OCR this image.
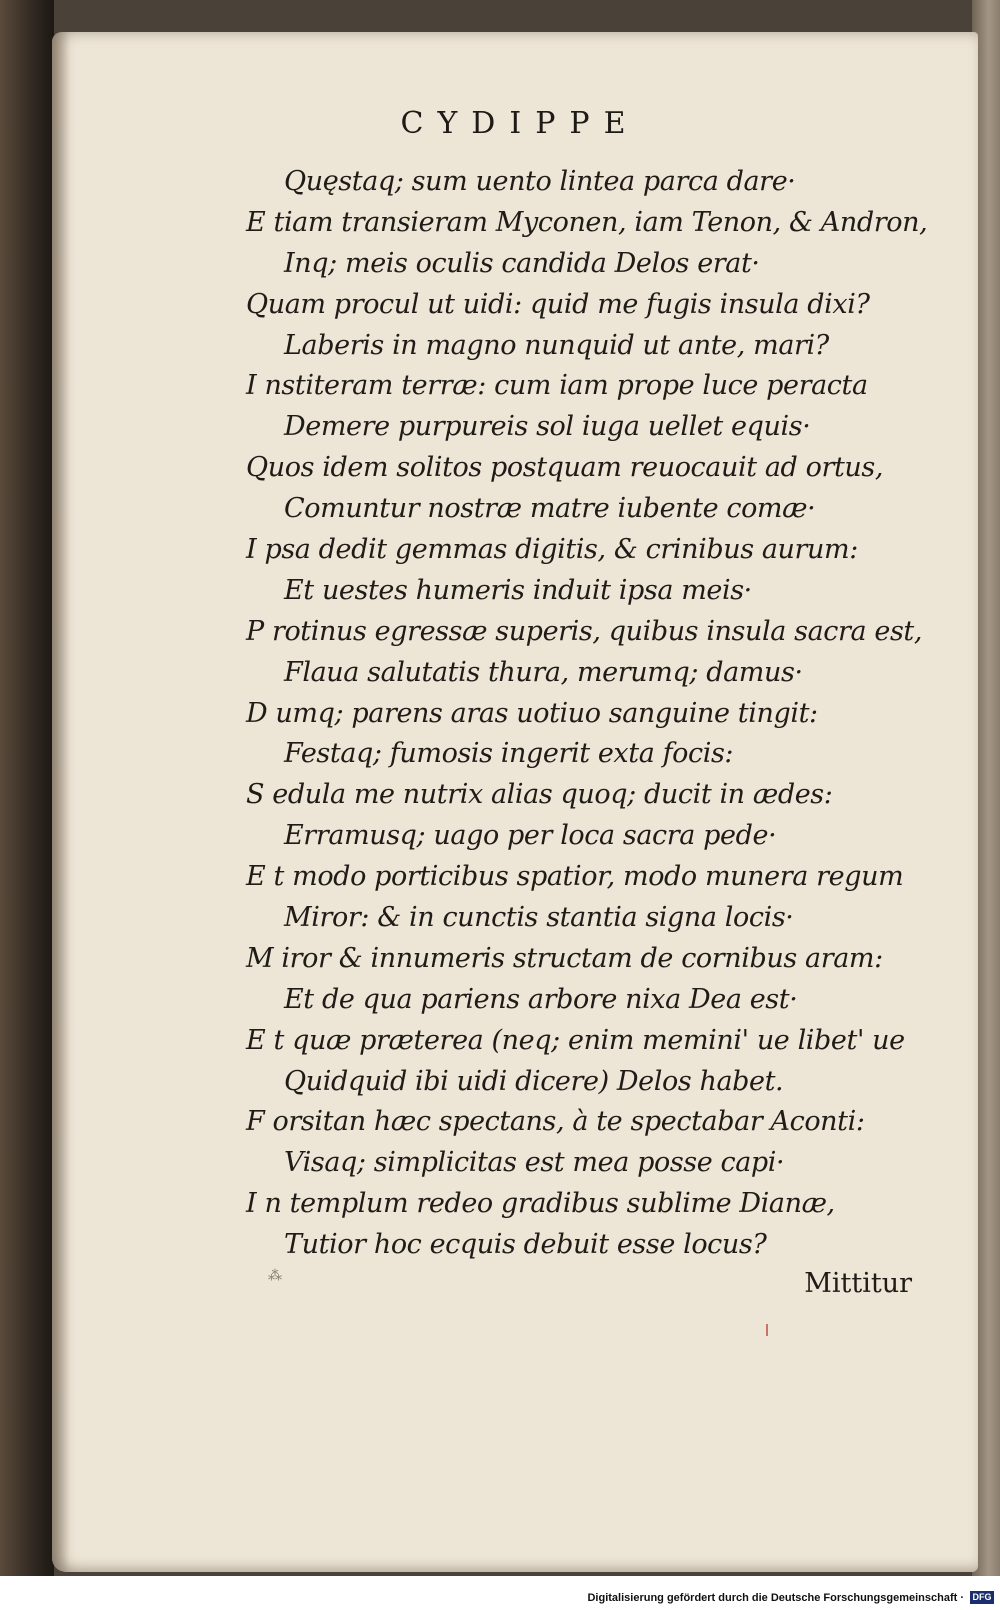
CYDIPPE
Quęstaq; sum uento lintea parca dare·
E tiam transieram Myconen, iam Tenon, & Andron,
Inq; meis oculis candida Delos erat·
Quam procul ut uidi: quid me fugis insula dixi?
Laberis in magno nunquid ut ante, mari?
I nstiteram terræ: cum iam prope luce peracta
Demere purpureis sol iuga uellet equis·
Quos idem solitos postquam reuocauit ad ortus,
Comuntur nostræ matre iubente comæ·
I psa dedit gemmas digitis, & crinibus aurum:
Et uestes humeris induit ipsa meis·
P rotinus egressæ superis, quibus insula sacra est,
Flaua salutatis thura, merumq; damus·
D umq; parens aras uotiuo sanguine tingit:
Festaq; fumosis ingerit exta focis:
S edula me nutrix alias quoq; ducit in ædes:
Erramusq; uago per loca sacra pede·
E t modo porticibus spatior, modo munera regum
Miror: & in cunctis stantia signa locis·
M iror & innumeris structam de cornibus aram:
Et de qua pariens arbore nixa Dea est·
E t quæ præterea (neq; enim memini' ue libet' ue
Quidquid ibi uidi dicere) Delos habet.
F orsitan hæc spectans, à te spectabar Aconti:
Visaq; simplicitas est mea posse capi·
I n templum redeo gradibus sublime Dianæ,
Tutior hoc ecquis debuit esse locus?
⁂	Mittitur
Digitalisierung gefördert durch die Deutsche Forschungsgemeinschaft · DFG
